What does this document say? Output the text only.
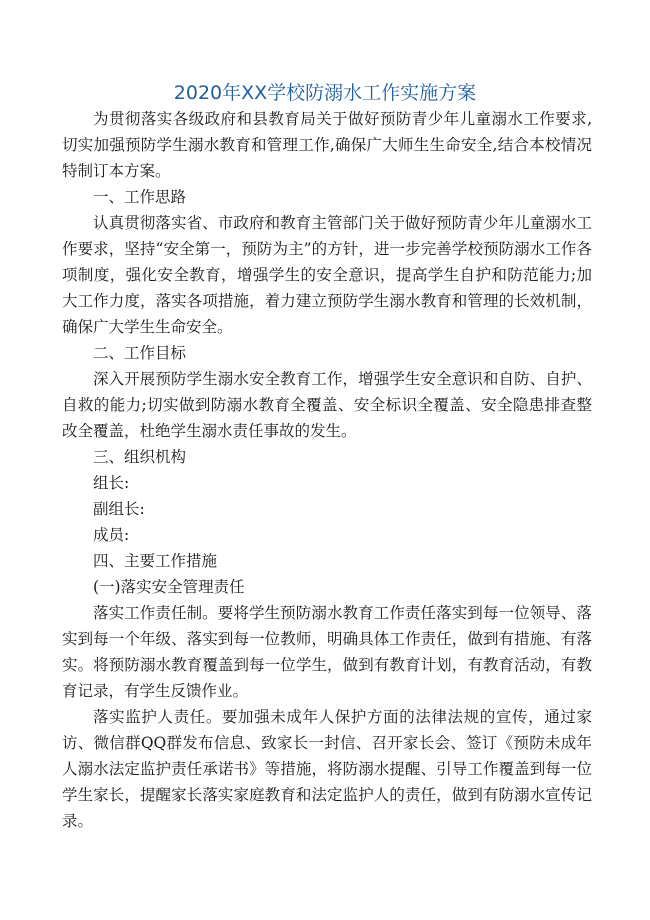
2020年XX学校防溺水工作实施方案

为贯彻落实各级政府和县教育局关于做好预防青少年儿童溺水工作要求,切实加强预防学生溺水教育和管理工作,确保广大师生生命安全,结合本校情况特制订本方案。

一、工作思路

认真贯彻落实省、市政府和教育主管部门关于做好预防青少年儿童溺水工作要求，坚持“安全第一，预防为主”的方针，进一步完善学校预防溺水工作各项制度，强化安全教育，增强学生的安全意识，提高学生自护和防范能力;加大工作力度，落实各项措施，着力建立预防学生溺水教育和管理的长效机制，确保广大学生生命安全。

二、工作目标

深入开展预防学生溺水安全教育工作，增强学生安全意识和自防、自护、自救的能力;切实做到防溺水教育全覆盖、安全标识全覆盖、安全隐患排查整改全覆盖，杜绝学生溺水责任事故的发生。

三、组织机构

组长:

副组长:

成员:

四、主要工作措施

(一)落实安全管理责任

落实工作责任制。要将学生预防溺水教育工作责任落实到每一位领导、落实到每一个年级、落实到每一位教师，明确具体工作责任，做到有措施、有落实。将预防溺水教育覆盖到每一位学生，做到有教育计划，有教育活动，有教育记录，有学生反馈作业。

落实监护人责任。要加强未成年人保护方面的法律法规的宣传，通过家访、微信群QQ群发布信息、致家长一封信、召开家长会、签订《预防未成年人溺水法定监护责任承诺书》等措施，将防溺水提醒、引导工作覆盖到每一位学生家长，提醒家长落实家庭教育和法定监护人的责任，做到有防溺水宣传记录。
